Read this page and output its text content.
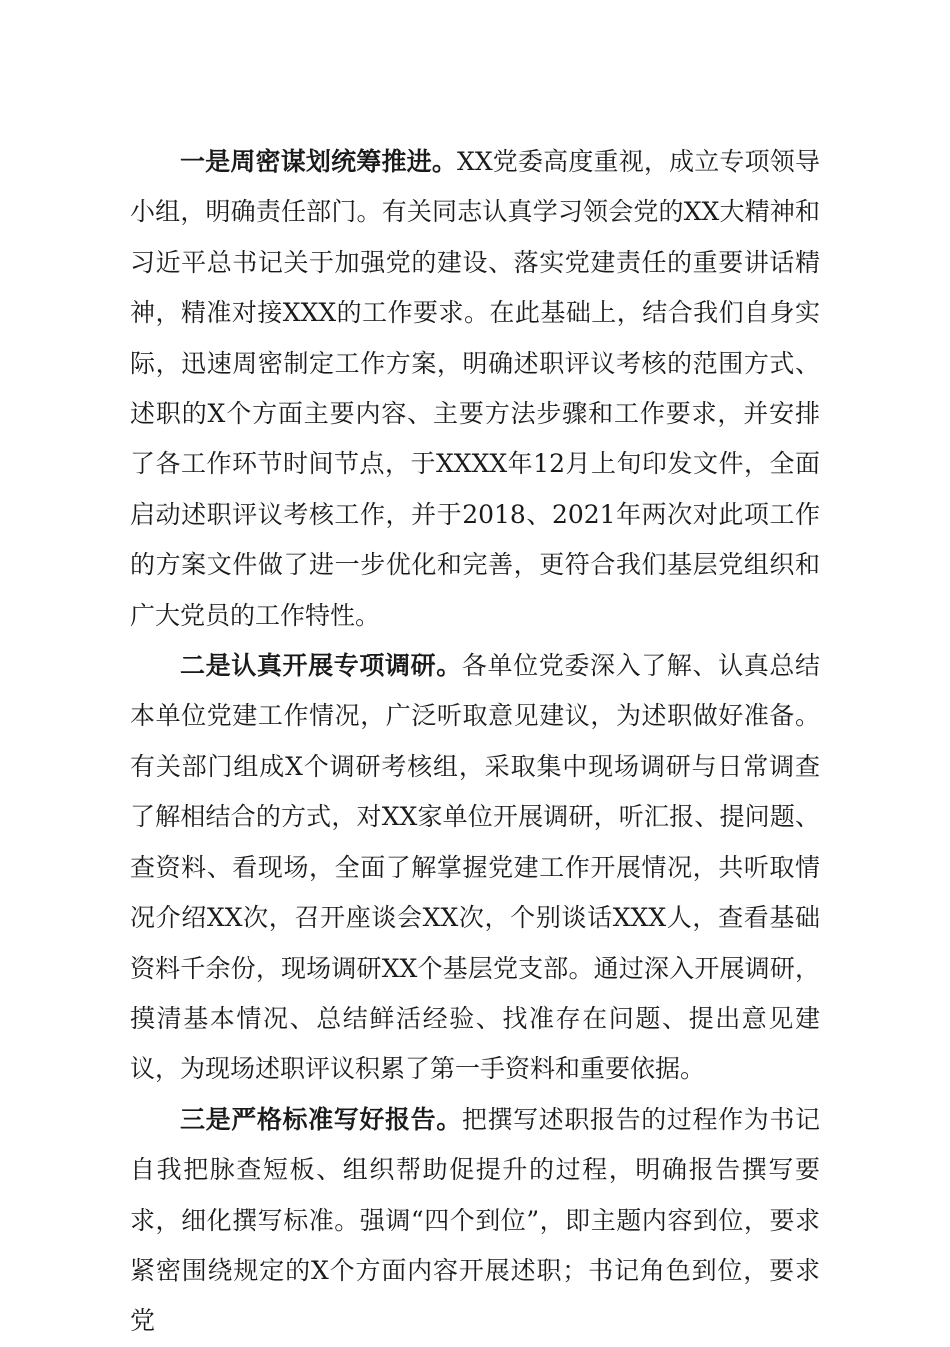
一是周密谋划统筹推进。XX党委高度重视，成立专项领导小组，明确责任部门。有关同志认真学习领会党的XX大精神和习近平总书记关于加强党的建设、落实党建责任的重要讲话精神，精准对接XXX的工作要求。在此基础上，结合我们自身实际，迅速周密制定工作方案，明确述职评议考核的范围方式、述职的X个方面主要内容、主要方法步骤和工作要求，并安排了各工作环节时间节点，于XXXX年12月上旬印发文件，全面启动述职评议考核工作，并于2018、2021年两次对此项工作的方案文件做了进一步优化和完善，更符合我们基层党组织和广大党员的工作特性。

二是认真开展专项调研。各单位党委深入了解、认真总结本单位党建工作情况，广泛听取意见建议，为述职做好准备。有关部门组成X个调研考核组，采取集中现场调研与日常调查了解相结合的方式，对XX家单位开展调研，听汇报、提问题、查资料、看现场，全面了解掌握党建工作开展情况，共听取情况介绍XX次，召开座谈会XX次，个别谈话XXX人，查看基础资料千余份，现场调研XX个基层党支部。通过深入开展调研，摸清基本情况、总结鲜活经验、找准存在问题、提出意见建议，为现场述职评议积累了第一手资料和重要依据。

三是严格标准写好报告。把撰写述职报告的过程作为书记自我把脉查短板、组织帮助促提升的过程，明确报告撰写要求，细化撰写标准。强调“四个到位”，即主题内容到位，要求紧密围绕规定的X个方面内容开展述职；书记角色到位，要求党
